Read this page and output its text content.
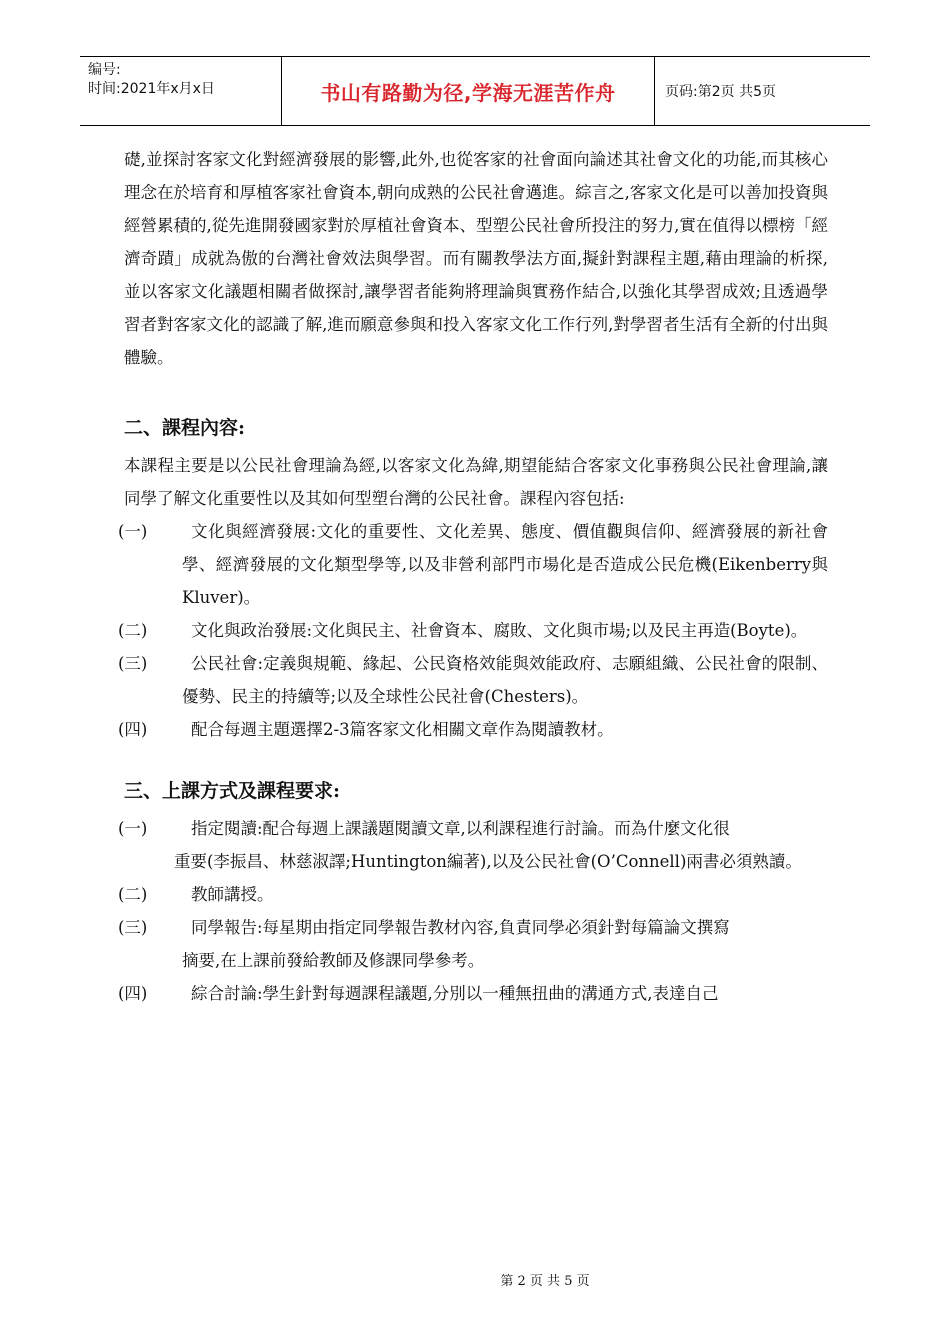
编号:
时间:2021年x月x日	书山有路勤为径,学海无涯苦作舟	页码:第2页 共5页

礎,並探討客家文化對經濟發展的影響,此外,也從客家的社會面向論述其社會文化的功能,而其核心理念在於培育和厚植客家社會資本,朝向成熟的公民社會邁進。綜言之,客家文化是可以善加投資與經營累積的,從先進開發國家對於厚植社會資本、型塑公民社會所投注的努力,實在值得以標榜「經濟奇蹟」成就為傲的台灣社會效法與學習。而有關教學法方面,擬針對課程主題,藉由理論的析探,並以客家文化議題相關者做探討,讓學習者能夠將理論與實務作結合,以強化其學習成效;且透過學習者對客家文化的認識了解,進而願意參與和投入客家文化工作行列,對學習者生活有全新的付出與體驗。

二、課程內容:

本課程主要是以公民社會理論為經,以客家文化為緯,期望能結合客家文化事務與公民社會理論,讓同學了解文化重要性以及其如何型塑台灣的公民社會。課程內容包括:

(一)	文化與經濟發展:文化的重要性、文化差異、態度、價值觀與信仰、經濟發展的新社會學、經濟發展的文化類型學等,以及非營利部門市場化是否造成公民危機(Eikenberry與Kluver)。
(二)	文化與政治發展:文化與民主、社會資本、腐敗、文化與市場;以及民主再造(Boyte)。
(三)	公民社會:定義與規範、緣起、公民資格效能與效能政府、志願組織、公民社會的限制、優勢、民主的持續等;以及全球性公民社會(Chesters)。
(四)	配合每週主題選擇2-3篇客家文化相關文章作為閱讀教材。

三、上課方式及課程要求:

(一)	指定閱讀:配合每週上課議題閱讀文章,以利課程進行討論。而為什麼文化很
重要(李振昌、林慈淑譯;Huntington編著),以及公民社會(O’Connell)兩書必須熟讀。
(二)	教師講授。
(三)	同學報告:每星期由指定同學報告教材內容,負責同學必須針對每篇論文撰寫
摘要,在上課前發給教師及修課同學參考。
(四)	綜合討論:學生針對每週課程議題,分別以一種無扭曲的溝通方式,表達自己
第 2 页 共 5 页
